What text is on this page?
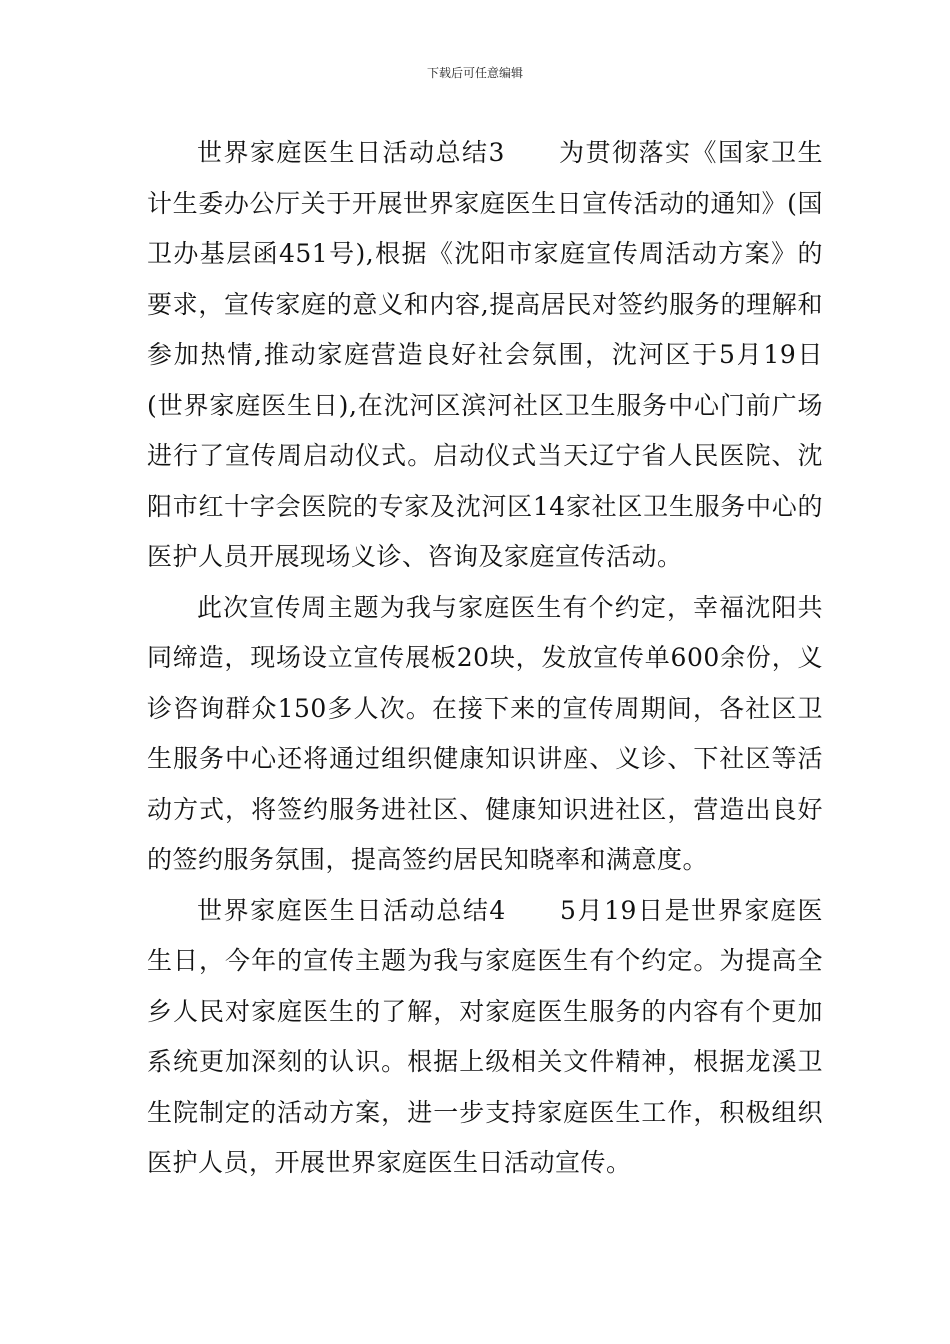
下载后可任意编辑

世界家庭医生日活动总结3　　为贯彻落实《国家卫生计生委办公厅关于开展世界家庭医生日宣传活动的通知》(国卫办基层函451号),根据《沈阳市家庭宣传周活动方案》的要求，宣传家庭的意义和内容,提高居民对签约服务的理解和参加热情,推动家庭营造良好社会氛围，沈河区于5月19日(世界家庭医生日),在沈河区滨河社区卫生服务中心门前广场进行了宣传周启动仪式。启动仪式当天辽宁省人民医院、沈阳市红十字会医院的专家及沈河区14家社区卫生服务中心的医护人员开展现场义诊、咨询及家庭宣传活动。

此次宣传周主题为我与家庭医生有个约定，幸福沈阳共同缔造，现场设立宣传展板20块，发放宣传单600余份，义诊咨询群众150多人次。在接下来的宣传周期间，各社区卫生服务中心还将通过组织健康知识讲座、义诊、下社区等活动方式，将签约服务进社区、健康知识进社区，营造出良好的签约服务氛围，提高签约居民知晓率和满意度。

世界家庭医生日活动总结4　　5月19日是世界家庭医生日，今年的宣传主题为我与家庭医生有个约定。为提高全乡人民对家庭医生的了解，对家庭医生服务的内容有个更加系统更加深刻的认识。根据上级相关文件精神，根据龙溪卫生院制定的活动方案，进一步支持家庭医生工作，积极组织医护人员，开展世界家庭医生日活动宣传。
